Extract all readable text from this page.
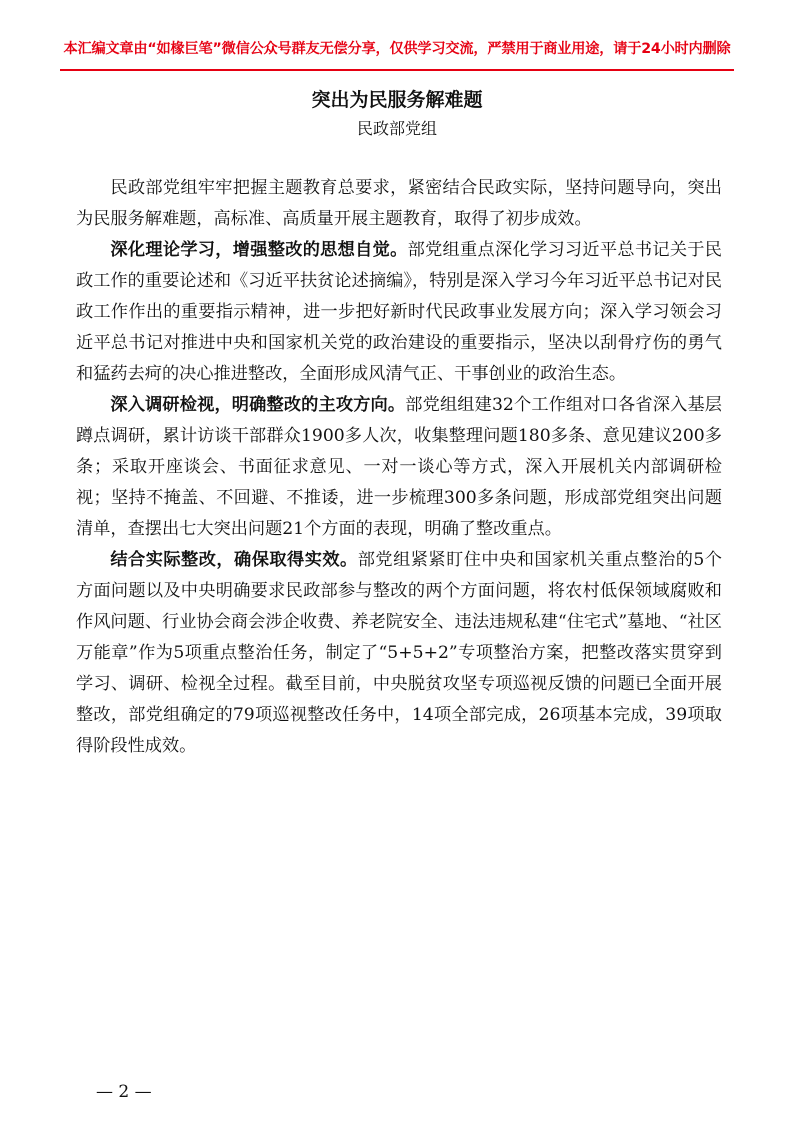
本汇编文章由“如椽巨笔”微信公众号群友无偿分享，仅供学习交流，严禁用于商业用途，请于24小时内删除
突出为民服务解难题
民政部党组

民政部党组牢牢把握主题教育总要求，紧密结合民政实际，坚持问题导向，突出为民服务解难题，高标准、高质量开展主题教育，取得了初步成效。

深化理论学习，增强整改的思想自觉。部党组重点深化学习习近平总书记关于民政工作的重要论述和《习近平扶贫论述摘编》，特别是深入学习今年习近平总书记对民政工作作出的重要指示精神，进一步把好新时代民政事业发展方向；深入学习领会习近平总书记对推进中央和国家机关党的政治建设的重要指示，坚决以刮骨疗伤的勇气和猛药去疴的决心推进整改，全面形成风清气正、干事创业的政治生态。

深入调研检视，明确整改的主攻方向。部党组组建32个工作组对口各省深入基层蹲点调研，累计访谈干部群众1900多人次，收集整理问题180多条、意见建议200多条；采取开座谈会、书面征求意见、一对一谈心等方式，深入开展机关内部调研检视；坚持不掩盖、不回避、不推诿，进一步梳理300多条问题，形成部党组突出问题清单，查摆出七大突出问题21个方面的表现，明确了整改重点。

结合实际整改，确保取得实效。部党组紧紧盯住中央和国家机关重点整治的5个方面问题以及中央明确要求民政部参与整改的两个方面问题，将农村低保领域腐败和作风问题、行业协会商会涉企收费、养老院安全、违法违规私建“住宅式”墓地、“社区万能章”作为5项重点整治任务，制定了“5+5+2”专项整治方案，把整改落实贯穿到学习、调研、检视全过程。截至目前，中央脱贫攻坚专项巡视反馈的问题已全面开展整改，部党组确定的79项巡视整改任务中，14项全部完成，26项基本完成，39项取得阶段性成效。

— 2 —
